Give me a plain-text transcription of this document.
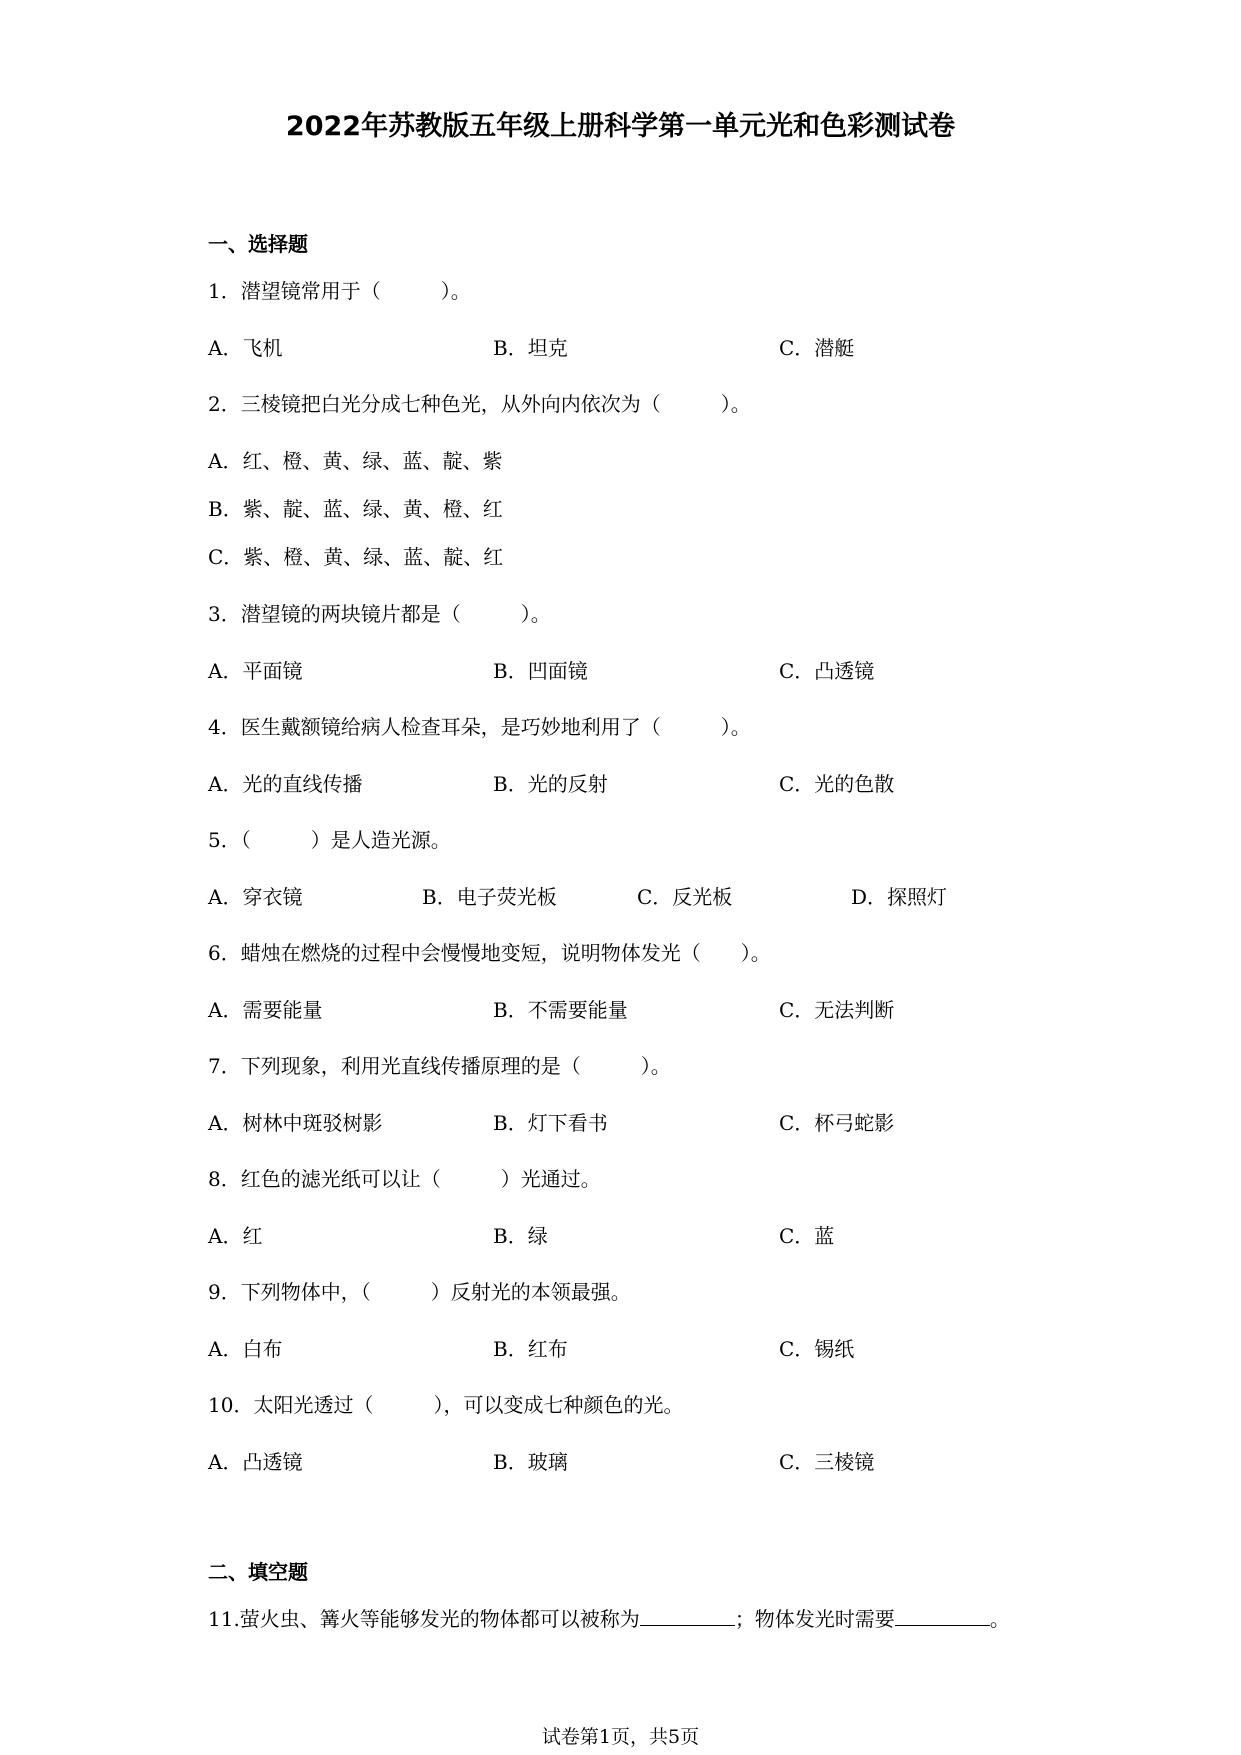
2022年苏教版五年级上册科学第一单元光和色彩测试卷
一、选择题
1．潜望镜常用于（　　　）。
A．飞机	B．坦克	C．潜艇
2．三棱镜把白光分成七种色光，从外向内依次为（　　　）。
A．红、橙、黄、绿、蓝、靛、紫
B．紫、靛、蓝、绿、黄、橙、红
C．紫、橙、黄、绿、蓝、靛、红
3．潜望镜的两块镜片都是（　　　）。
A．平面镜	B．凹面镜	C．凸透镜
4．医生戴额镜给病人检查耳朵，是巧妙地利用了（　　　）。
A．光的直线传播	B．光的反射	C．光的色散
5．（　　　）是人造光源。
A．穿衣镜	B．电子荧光板	C．反光板	D．探照灯
6．蜡烛在燃烧的过程中会慢慢地变短，说明物体发光（　　）。
A．需要能量	B．不需要能量	C．无法判断
7．下列现象，利用光直线传播原理的是（　　　）。
A．树林中斑驳树影	B．灯下看书	C．杯弓蛇影
8．红色的滤光纸可以让（　　　）光通过。
A．红	B．绿	C．蓝
9．下列物体中，（　　　）反射光的本领最强。
A．白布	B．红布	C．锡纸
10．太阳光透过（　　　），可以变成七种颜色的光。
A．凸透镜	B．玻璃	C．三棱镜
二、填空题
11.萤火虫、篝火等能够发光的物体都可以被称为	；物体发光时需要	。
试卷第1页，共5页
